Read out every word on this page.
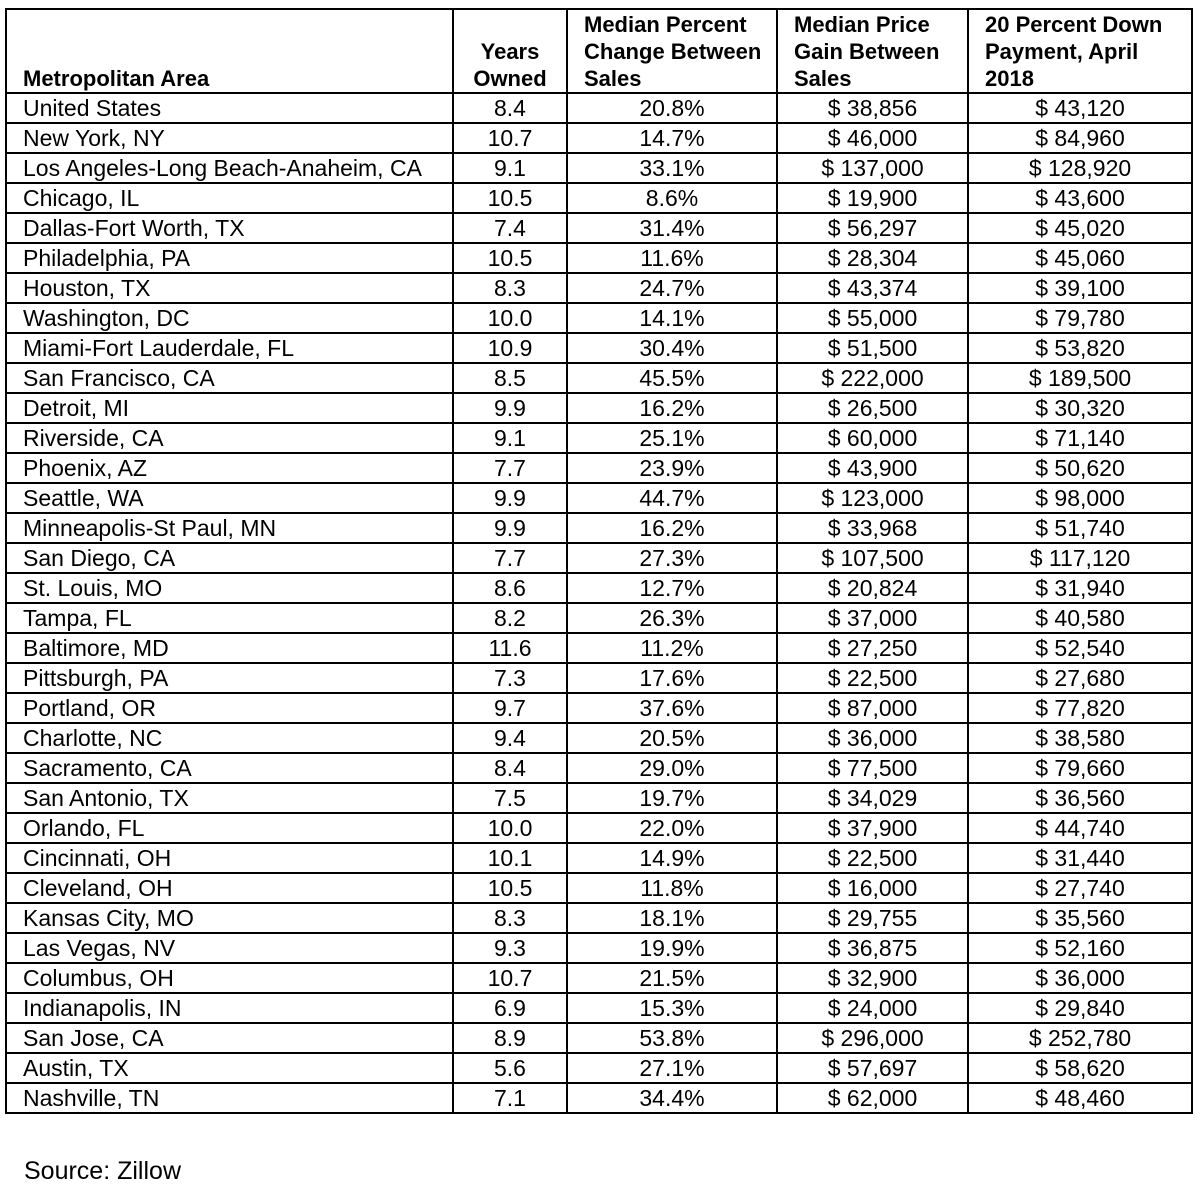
Metropolitan Area	Years Owned	Median Percent Change Between Sales	Median Price Gain Between Sales	20 Percent Down Payment, April 2018
United States	8.4	20.8%	$ 38,856	$ 43,120
New York, NY	10.7	14.7%	$ 46,000	$ 84,960
Los Angeles-Long Beach-Anaheim, CA	9.1	33.1%	$ 137,000	$ 128,920
Chicago, IL	10.5	8.6%	$ 19,900	$ 43,600
Dallas-Fort Worth, TX	7.4	31.4%	$ 56,297	$ 45,020
Philadelphia, PA	10.5	11.6%	$ 28,304	$ 45,060
Houston, TX	8.3	24.7%	$ 43,374	$ 39,100
Washington, DC	10.0	14.1%	$ 55,000	$ 79,780
Miami-Fort Lauderdale, FL	10.9	30.4%	$ 51,500	$ 53,820
San Francisco, CA	8.5	45.5%	$ 222,000	$ 189,500
Detroit, MI	9.9	16.2%	$ 26,500	$ 30,320
Riverside, CA	9.1	25.1%	$ 60,000	$ 71,140
Phoenix, AZ	7.7	23.9%	$ 43,900	$ 50,620
Seattle, WA	9.9	44.7%	$ 123,000	$ 98,000
Minneapolis-St Paul, MN	9.9	16.2%	$ 33,968	$ 51,740
San Diego, CA	7.7	27.3%	$ 107,500	$ 117,120
St. Louis, MO	8.6	12.7%	$ 20,824	$ 31,940
Tampa, FL	8.2	26.3%	$ 37,000	$ 40,580
Baltimore, MD	11.6	11.2%	$ 27,250	$ 52,540
Pittsburgh, PA	7.3	17.6%	$ 22,500	$ 27,680
Portland, OR	9.7	37.6%	$ 87,000	$ 77,820
Charlotte, NC	9.4	20.5%	$ 36,000	$ 38,580
Sacramento, CA	8.4	29.0%	$ 77,500	$ 79,660
San Antonio, TX	7.5	19.7%	$ 34,029	$ 36,560
Orlando, FL	10.0	22.0%	$ 37,900	$ 44,740
Cincinnati, OH	10.1	14.9%	$ 22,500	$ 31,440
Cleveland, OH	10.5	11.8%	$ 16,000	$ 27,740
Kansas City, MO	8.3	18.1%	$ 29,755	$ 35,560
Las Vegas, NV	9.3	19.9%	$ 36,875	$ 52,160
Columbus, OH	10.7	21.5%	$ 32,900	$ 36,000
Indianapolis, IN	6.9	15.3%	$ 24,000	$ 29,840
San Jose, CA	8.9	53.8%	$ 296,000	$ 252,780
Austin, TX	5.6	27.1%	$ 57,697	$ 58,620
Nashville, TN	7.1	34.4%	$ 62,000	$ 48,460
Source: Zillow
